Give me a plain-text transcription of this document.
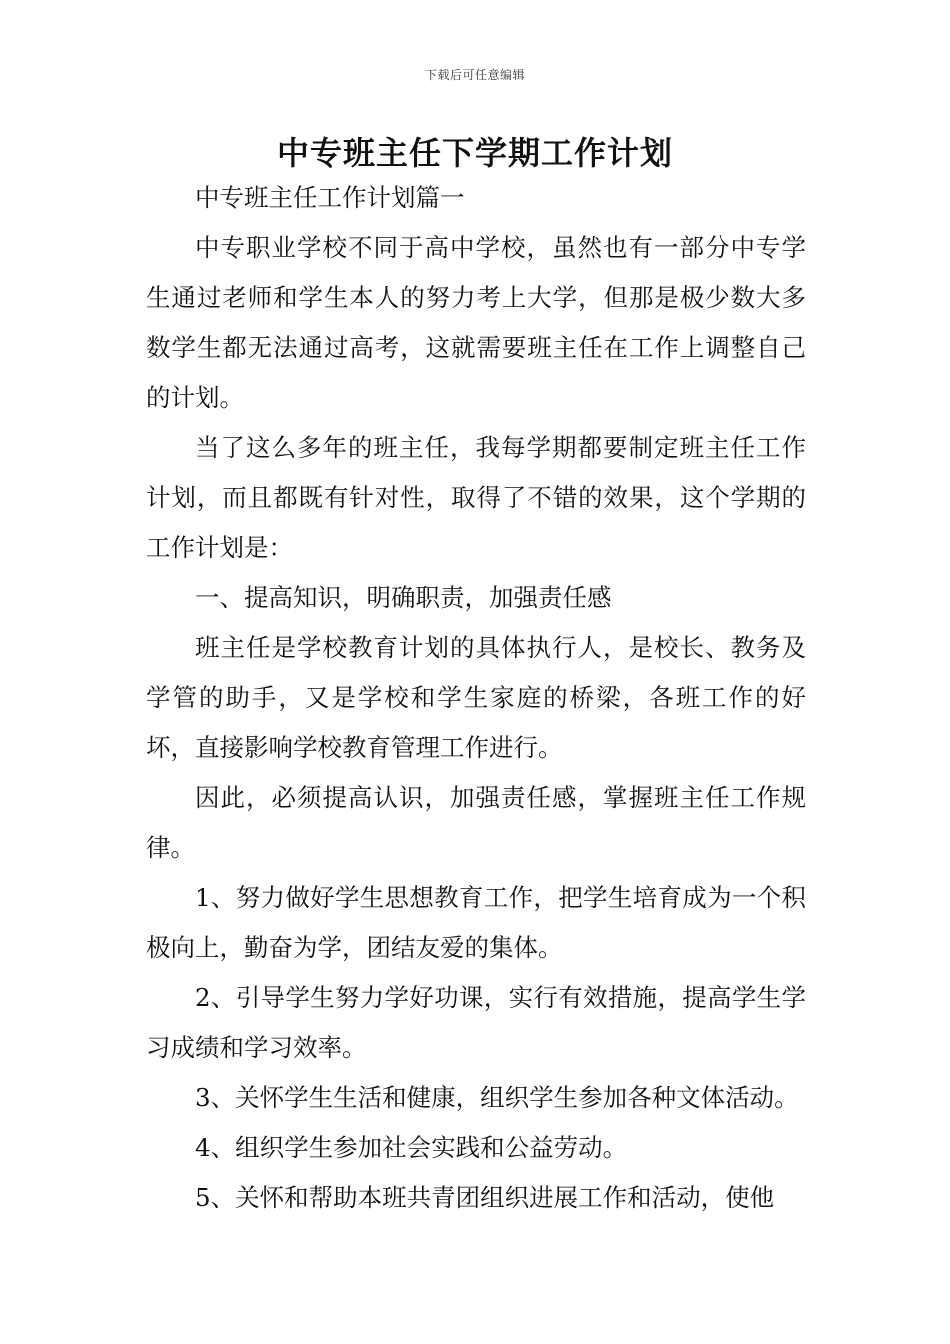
下载后可任意编辑
中专班主任下学期工作计划

中专班主任工作计划篇一

中专职业学校不同于高中学校，虽然也有一部分中专学生通过老师和学生本人的努力考上大学，但那是极少数大多数学生都无法通过高考，这就需要班主任在工作上调整自己的计划。

当了这么多年的班主任，我每学期都要制定班主任工作计划，而且都既有针对性，取得了不错的效果，这个学期的工作计划是：

一、提高知识，明确职责，加强责任感

班主任是学校教育计划的具体执行人，是校长、教务及学管的助手，又是学校和学生家庭的桥梁，各班工作的好坏，直接影响学校教育管理工作进行。

因此，必须提高认识，加强责任感，掌握班主任工作规律。

1、努力做好学生思想教育工作，把学生培育成为一个积极向上，勤奋为学，团结友爱的集体。

2、引导学生努力学好功课，实行有效措施，提高学生学习成绩和学习效率。

3、关怀学生生活和健康，组织学生参加各种文体活动。

4、组织学生参加社会实践和公益劳动。

5、关怀和帮助本班共青团组织进展工作和活动，使他
